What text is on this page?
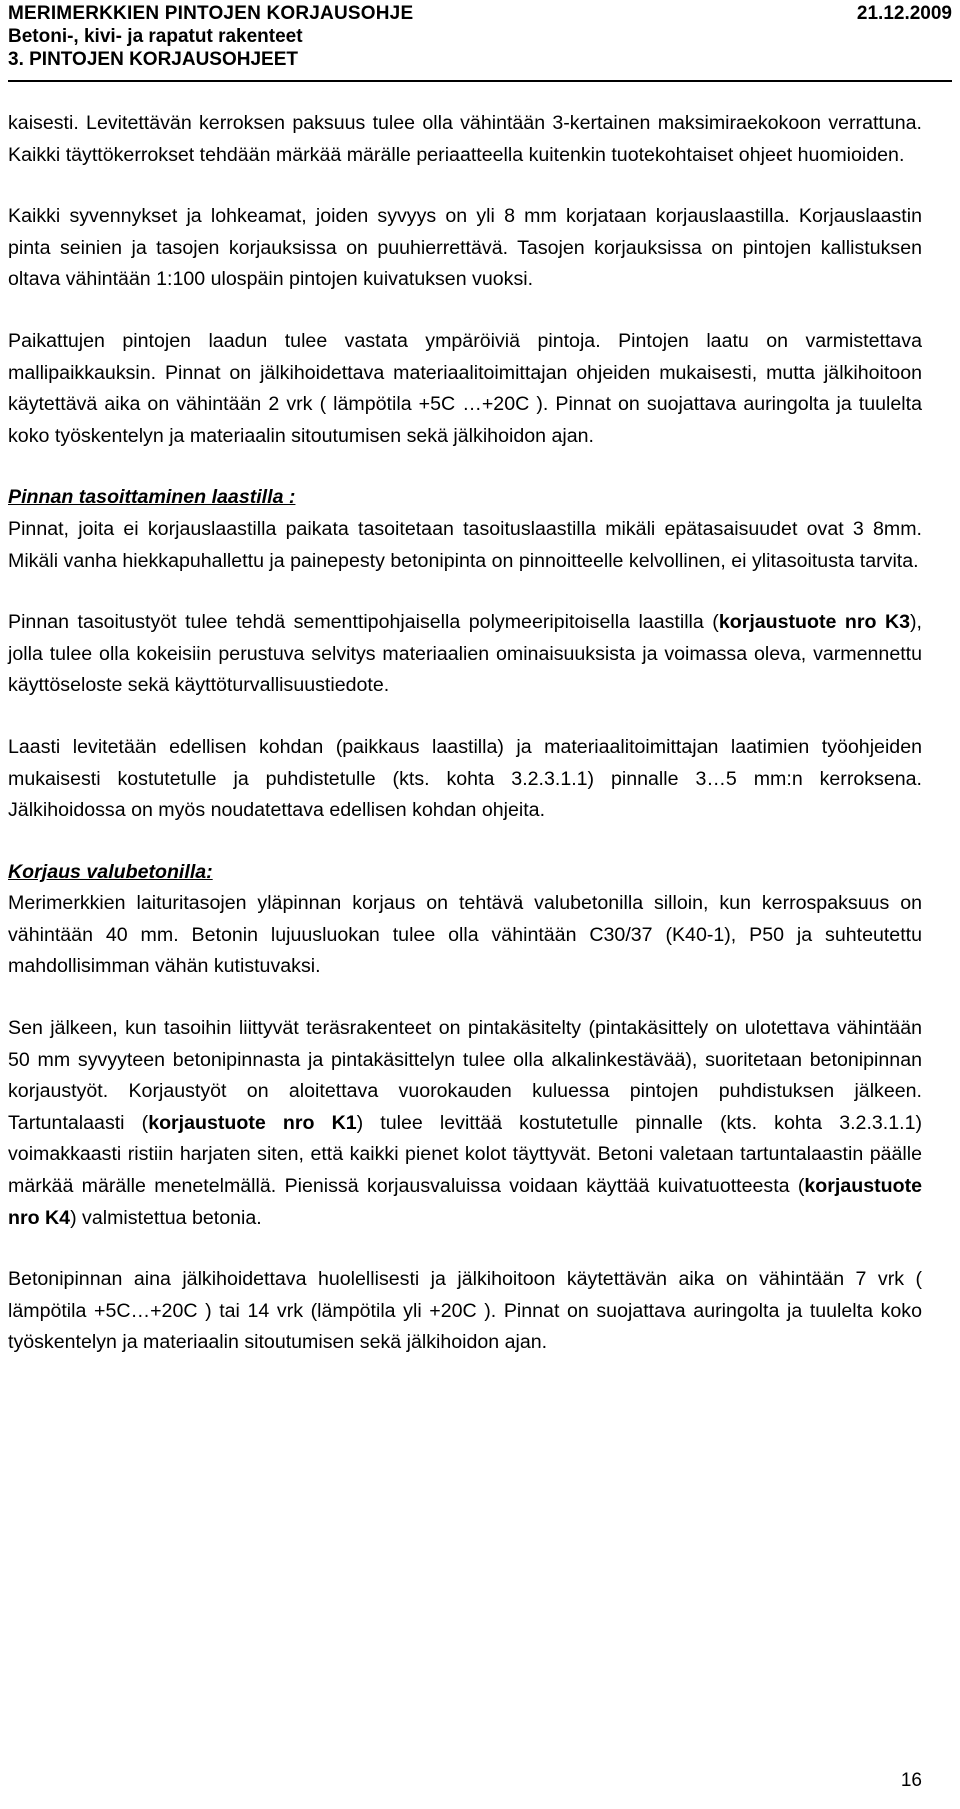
MERIMERKKIEN PINTOJEN KORJAUSOHJE	21.12.2009
Betoni-, kivi- ja rapatut rakenteet
3. PINTOJEN KORJAUSOHJEET

kaisesti. Levitettävän kerroksen paksuus tulee olla vähintään 3-kertainen maksimiraekokoon verrattuna. Kaikki täyttökerrokset tehdään märkää märälle periaatteella kuitenkin tuotekohtaiset ohjeet huomioiden.

Kaikki syvennykset ja lohkeamat, joiden syvyys on yli 8 mm korjataan korjauslaastilla. Korjauslaastin pinta seinien ja tasojen korjauksissa on puuhierrettävä. Tasojen korjauksissa on pintojen kallistuksen oltava vähintään 1:100 ulospäin pintojen kuivatuksen vuoksi.

Paikattujen pintojen laadun tulee vastata ympäröiviä pintoja. Pintojen laatu on varmistettava mallipaikkauksin. Pinnat on jälkihoidettava materiaalitoimittajan ohjeiden mukaisesti, mutta jälkihoitoon käytettävä aika on vähintään 2 vrk ( lämpötila +5C …+20C ). Pinnat on suojattava auringolta ja tuulelta koko työskentelyn ja materiaalin sitoutumisen sekä jälkihoidon ajan.

Pinnan tasoittaminen laastilla :
Pinnat, joita ei korjauslaastilla paikata tasoitetaan tasoituslaastilla mikäli epätasaisuudet ovat 3 8mm. Mikäli vanha hiekkapuhallettu ja painepesty betonipinta on pinnoitteelle kelvollinen, ei ylitasoitusta tarvita.

Pinnan tasoitustyöt tulee tehdä sementtipohjaisella polymeeripitoisella laastilla (korjaustuote nro K3), jolla tulee olla kokeisiin perustuva selvitys materiaalien ominaisuuksista ja voimassa oleva, varmennettu käyttöseloste sekä käyttöturvallisuustiedote.

Laasti levitetään edellisen kohdan (paikkaus laastilla) ja materiaalitoimittajan laatimien työohjeiden mukaisesti kostutetulle ja puhdistetulle (kts. kohta 3.2.3.1.1) pinnalle 3…5 mm:n kerroksena. Jälkihoidossa on myös noudatettava edellisen kohdan ohjeita.

Korjaus valubetonilla:
Merimerkkien laituritasojen yläpinnan korjaus on tehtävä valubetonilla silloin, kun kerrospaksuus on vähintään 40 mm. Betonin lujuusluokan tulee olla vähintään C30/37 (K40-1), P50 ja suhteutettu mahdollisimman vähän kutistuvaksi.

Sen jälkeen, kun tasoihin liittyvät teräsrakenteet on pintakäsitelty (pintakäsittely on ulotettava vähintään 50 mm syvyyteen betonipinnasta ja pintakäsittelyn tulee olla alkalinkestävää), suoritetaan betonipinnan korjaustyöt. Korjaustyöt on aloitettava vuorokauden kuluessa pintojen puhdistuksen jälkeen. Tartuntalaasti (korjaustuote nro K1) tulee levittää kostutetulle pinnalle (kts. kohta 3.2.3.1.1) voimakkaasti ristiin harjaten siten, että kaikki pienet kolot täyttyvät. Betoni valetaan tartuntalaastin päälle märkää märälle menetelmällä. Pienissä korjausvaluissa voidaan käyttää kuivatuotteesta (korjaustuote nro K4) valmistettua betonia.

Betonipinnan aina jälkihoidettava huolellisesti ja jälkihoitoon käytettävän aika on vähintään 7 vrk ( lämpötila +5C…+20C ) tai 14 vrk (lämpötila yli +20C ). Pinnat on suojattava auringolta ja tuulelta koko työskentelyn ja materiaalin sitoutumisen sekä jälkihoidon ajan.

16
